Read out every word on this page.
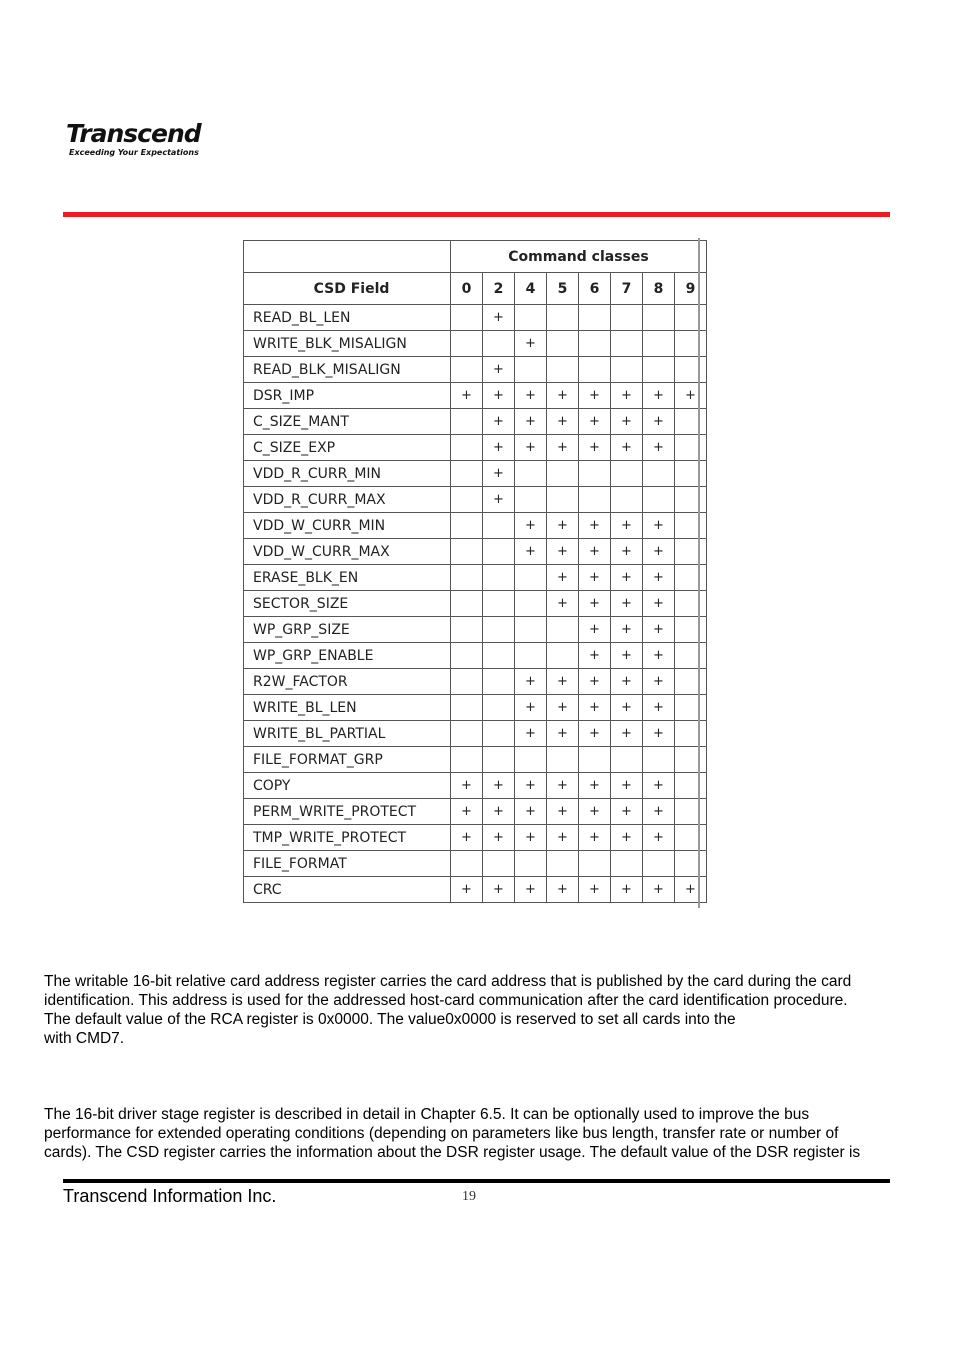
Transcend
Exceeding Your Expectations
	Command classes							
CSD Field	0	2	4	5	6	7	8	9
READ_BL_LEN		+						
WRITE_BLK_MISALIGN			+					
READ_BLK_MISALIGN		+						
DSR_IMP	+	+	+	+	+	+	+	+
C_SIZE_MANT		+	+	+	+	+	+	
C_SIZE_EXP		+	+	+	+	+	+	
VDD_R_CURR_MIN		+						
VDD_R_CURR_MAX		+						
VDD_W_CURR_MIN			+	+	+	+	+	
VDD_W_CURR_MAX			+	+	+	+	+	
ERASE_BLK_EN				+	+	+	+	
SECTOR_SIZE				+	+	+	+	
WP_GRP_SIZE					+	+	+	
WP_GRP_ENABLE					+	+	+	
R2W_FACTOR			+	+	+	+	+	
WRITE_BL_LEN			+	+	+	+	+	
WRITE_BL_PARTIAL			+	+	+	+	+	
FILE_FORMAT_GRP								
COPY	+	+	+	+	+	+	+	
PERM_WRITE_PROTECT	+	+	+	+	+	+	+	
TMP_WRITE_PROTECT	+	+	+	+	+	+	+	
FILE_FORMAT								
CRC	+	+	+	+	+	+	+	+
The writable 16-bit relative card address register carries the card address that is published by the card during the card
identification. This address is used for the addressed host-card communication after the card identification procedure.
The default value of the RCA register is 0x0000. The value0x0000 is reserved to set all cards into the
with CMD7.
The 16-bit driver stage register is described in detail in Chapter 6.5. It can be optionally used to improve the bus
performance for extended operating conditions (depending on parameters like bus length, transfer rate or number of
cards). The CSD register carries the information about the DSR register usage. The default value of the DSR register is
Transcend Information Inc.	19
